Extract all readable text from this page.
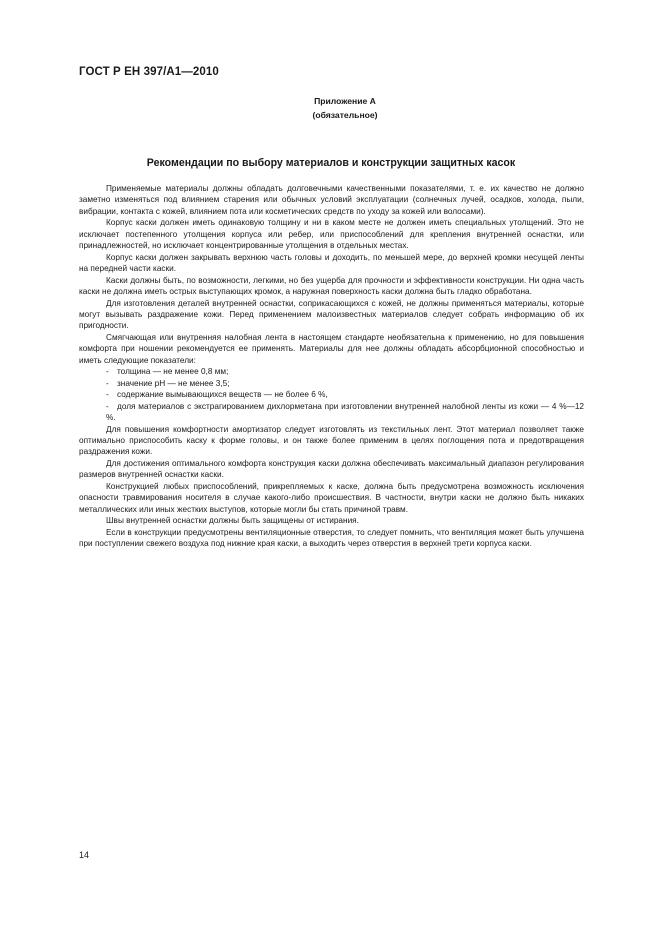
ГОСТ Р ЕН 397/А1—2010
Приложение А
(обязательное)
Рекомендации по выбору материалов и конструкции защитных касок

Применяемые материалы должны обладать долговечными качественными показателями, т. е. их качество не должно заметно изменяться под влиянием старения или обычных условий эксплуатации (солнечных лучей, осадков, холода, пыли, вибрации, контакта с кожей, влиянием пота или косметических средств по уходу за кожей или волосами).

Корпус каски должен иметь одинаковую толщину и ни в каком месте не должен иметь специальных утолщений. Это не исключает постепенного утолщения корпуса или ребер, или приспособлений для крепления внутренней оснастки, или принадлежностей, но исключает концентрированные утолщения в отдельных местах.

Корпус каски должен закрывать верхнюю часть головы и доходить, по меньшей мере, до верхней кромки несущей ленты на передней части каски.

Каски должны быть, по возможности, легкими, но без ущерба для прочности и эффективности конструкции. Ни одна часть каски не должна иметь острых выступающих кромок, а наружная поверхность каски должна быть гладко обработана.

Для изготовления деталей внутренней оснастки, соприкасающихся с кожей, не должны применяться материалы, которые могут вызывать раздражение кожи. Перед применением малоизвестных материалов следует собрать информацию об их пригодности.

Смягчающая или внутренняя налобная лента в настоящем стандарте необязательна к применению, но для повышения комфорта при ношении рекомендуется ее применять. Материалы для нее должны обладать абсорбционной способностью и иметь следующие показатели:

- толщина — не менее 0,8 мм;
- значение рН — не менее 3,5;
- содержание вымывающихся веществ — не более 6 %,
- доля материалов с экстрагированием дихлорметана при изготовлении внутренней налобной ленты из кожи — 4 %—12 %.

Для повышения комфортности амортизатор следует изготовлять из текстильных лент. Этот материал позволяет также оптимально приспособить каску к форме головы, и он также более применим в целях поглощения пота и предотвращения раздражения кожи.

Для достижения оптимального комфорта конструкция каски должна обеспечивать максимальный диапазон регулирования размеров внутренней оснастки каски.

Конструкцией любых приспособлений, прикрепляемых к каске, должна быть предусмотрена возможность исключения опасности травмирования носителя в случае какого-либо происшествия. В частности, внутри каски не должно быть никаких металлических или иных жестких выступов, которые могли бы стать причиной травм.

Швы внутренней оснастки должны быть защищены от истирания.

Если в конструкции предусмотрены вентиляционные отверстия, то следует помнить, что вентиляция может быть улучшена при поступлении свежего воздуха под нижние края каски, а выходить через отверстия в верхней трети корпуса каски.

14
